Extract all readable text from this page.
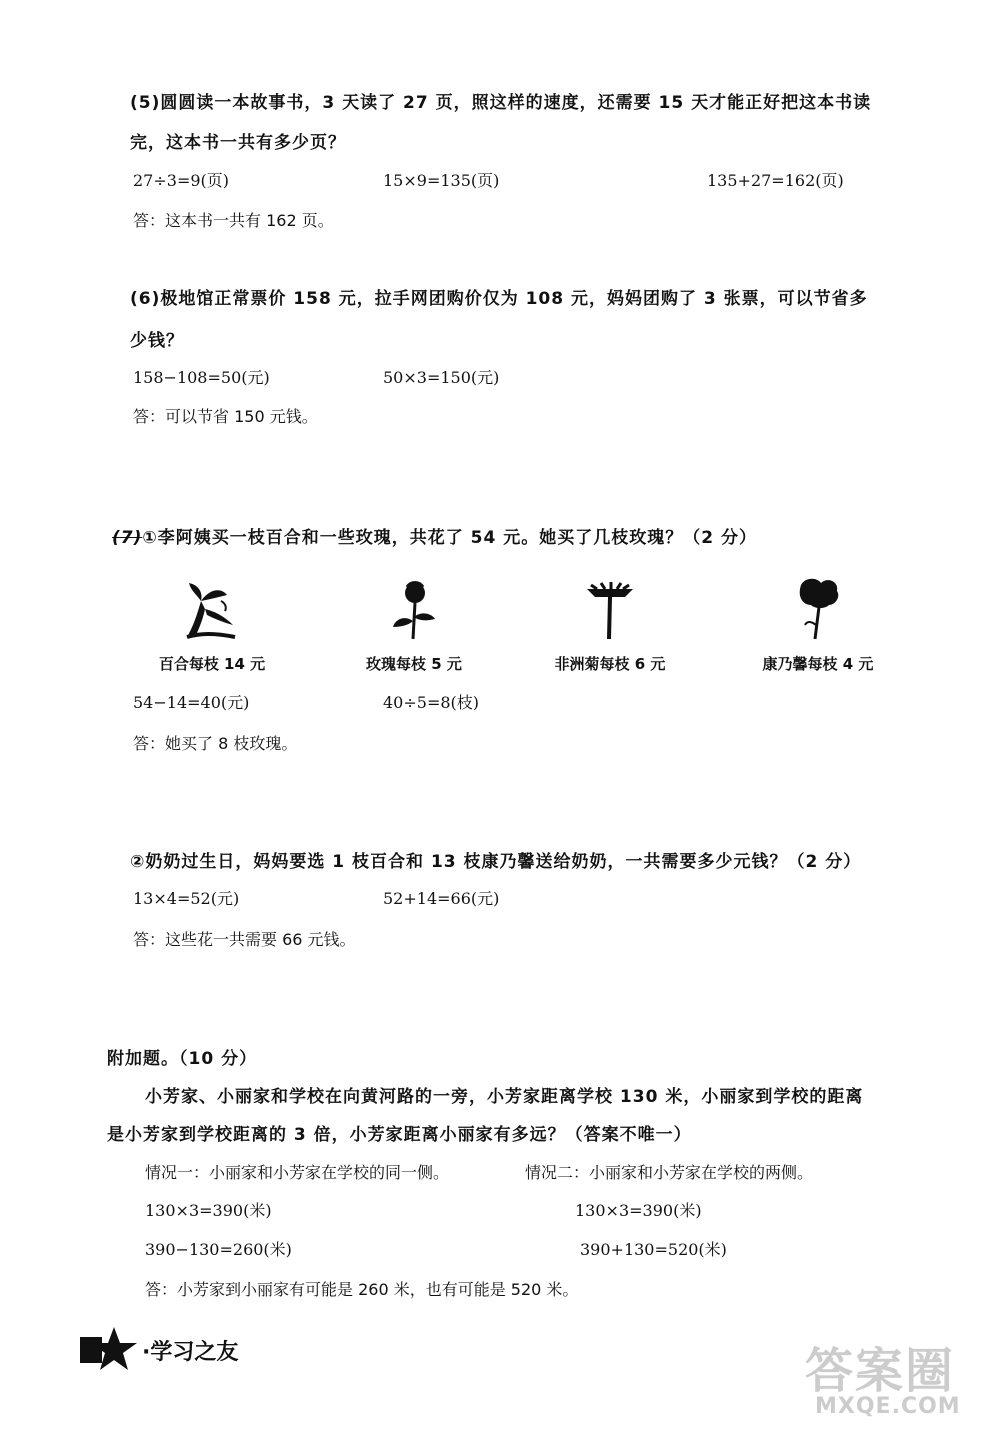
(5)圆圆读一本故事书，3 天读了 27 页，照这样的速度，还需要 15 天才能正好把这本书读
完，这本书一共有多少页？
27÷3=9(页)	15×9=135(页)	135+27=162(页)
答：这本书一共有 162 页。
(6)极地馆正常票价 158 元，拉手网团购价仅为 108 元，妈妈团购了 3 张票，可以节省多
少钱？
158−108=50(元)	50×3=150(元)
答：可以节省 150 元钱。
(7)①李阿姨买一枝百合和一些玫瑰，共花了 54 元。她买了几枝玫瑰？（2 分）
百合每枝 14 元	玫瑰每枝 5 元	非洲菊每枝 6 元	康乃馨每枝 4 元
54−14=40(元)	40÷5=8(枝)
答：她买了 8 枝玫瑰。
②奶奶过生日，妈妈要选 1 枝百合和 13 枝康乃馨送给奶奶，一共需要多少元钱？（2 分）
13×4=52(元)	52+14=66(元)
答：这些花一共需要 66 元钱。
附加题。（10 分）
小芳家、小丽家和学校在向黄河路的一旁，小芳家距离学校 130 米，小丽家到学校的距离
是小芳家到学校距离的 3 倍，小芳家距离小丽家有多远？（答案不唯一）
情况一：小丽家和小芳家在学校的同一侧。	情况二：小丽家和小芳家在学校的两侧。
130×3=390(米)	130×3=390(米)
390−130=260(米)	390+130=520(米)
答：小芳家到小丽家有可能是 260 米，也有可能是 520 米。
·学习之友	答案圈
MXQE.COM
